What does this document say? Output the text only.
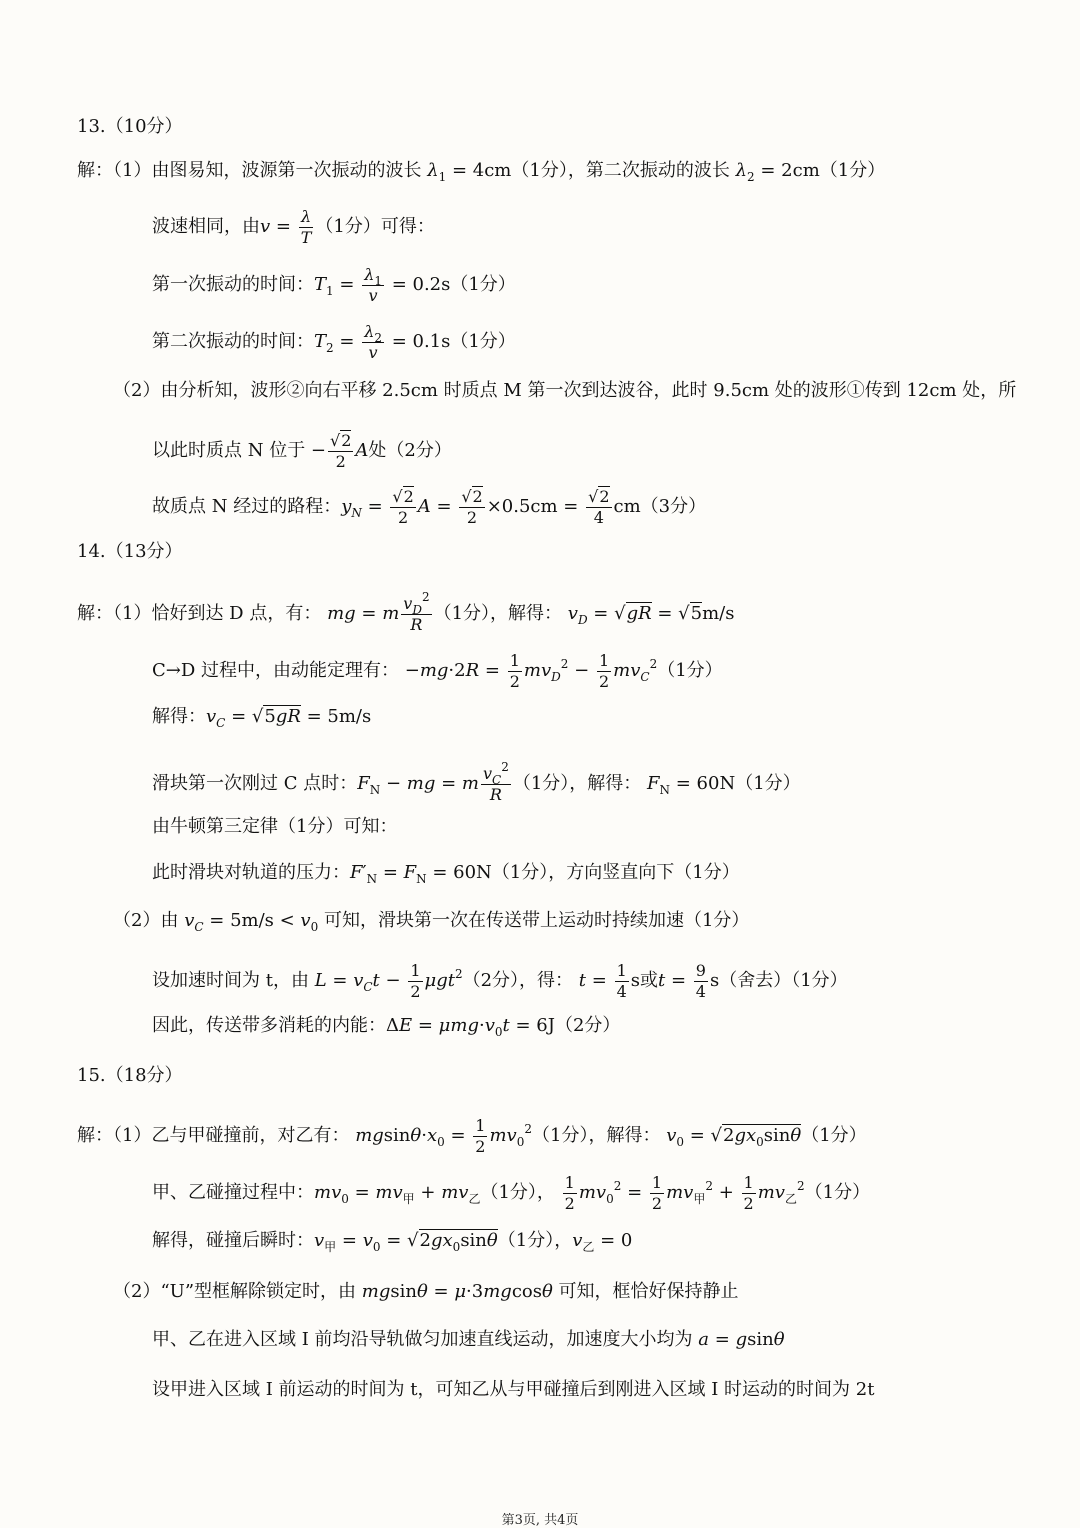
13.（10分）
解：（1）由图易知，波源第一次振动的波长 $\lambda_1 = 4cm(1$分），第二次振动的波长 $\lambda_2 = 2cm(1$分）
波速相同，由$v = \frac{\lambda}{T} (1$分）可得：
第一次振动的时间：$T_1 = \frac{\lambda_1}{v} = 0.2s(1$分）
第二次振动的时间：$T_2 = \frac{\lambda_2}{v} = 0.1s(1$分）
（2）由分析知，波形②向右平移 2.5cm 时质点 M 第一次到达波谷，此时 9.5cm 处的波形①传到 12cm 处，所
以此时质点 N 位于 − $\frac{√2}{2}$ A处（2分）
故质点 N 经过的路程：$y_N = \frac{√2}{2}$ $A = \frac{√2}{2} \times 0.5cm = \frac{√2}{4} cm(3$分）
14.（13分）
解：（1）恰好到达 D 点，有： mg = m $\frac{v_D^2}{R} (1$分），解得： $v_D = √gR = √5m/s$
C→D 过程中，由动能定理有： $-mg\cdot 2R = \frac{1}{2} mv_D^2 - \frac{1}{2} mv_C^2(1$分）
解得：$v_C = √5gR = 5m/s$
滑块第一次刚过 C 点时：$F_N$ − mg = m $\frac{v_C^2}{R} (1$分），解得： $F_N = 60N(1$分）
由牛顿第三定律（1分）可知：
此时滑块对轨道的压力：$F'_N = F_N = 60N(1$分），方向竖直向下（1分）
（2）由 $v_C = 5m/s < v_0$ 可知，滑块第一次在传送带上运动时持续加速（1分）
设加速时间为 t，由 $L = v_Ct - \frac{1}{2} \mu gt^2(2$分），得： $t = \frac{1}{4}$ s或$t = \frac{9}{4} s$（舍去）（1分）
因此，传送带多消耗的内能：$\Delta E = \mu mg\cdot v_0t = 6J(2$分）
15.（18分）
解：（1）乙与甲碰撞前，对乙有： $mgsin\theta\cdot x_0 = \frac{1}{2} mv_0^2(1$分），解得： $v_0 = √2gx_0\sin\theta(1$分）
甲、乙碰撞过程中：$mv_0 = mv_甲 + mv_乙(1$分）， $\frac{1}{2} mv_0^2 = \frac{1}{2} mv_甲^2 + \frac{1}{2} mv_乙^2(1$分）
解得，碰撞后瞬时：$v_甲 = v_0 = √2gx_0\sin\theta(1$分），$v_乙 = 0$
（2）“U”型框解除锁定时，由 mgsinθ = μ·3mgcosθ 可知，框恰好保持静止
甲、乙在进入区域 I 前均沿导轨做匀加速直线运动，加速度大小均为 a = gsinθ
设甲进入区域 I 前运动的时间为 t，可知乙从与甲碰撞后到刚进入区域 I 时运动的时间为 2t
第3页, 共4页
